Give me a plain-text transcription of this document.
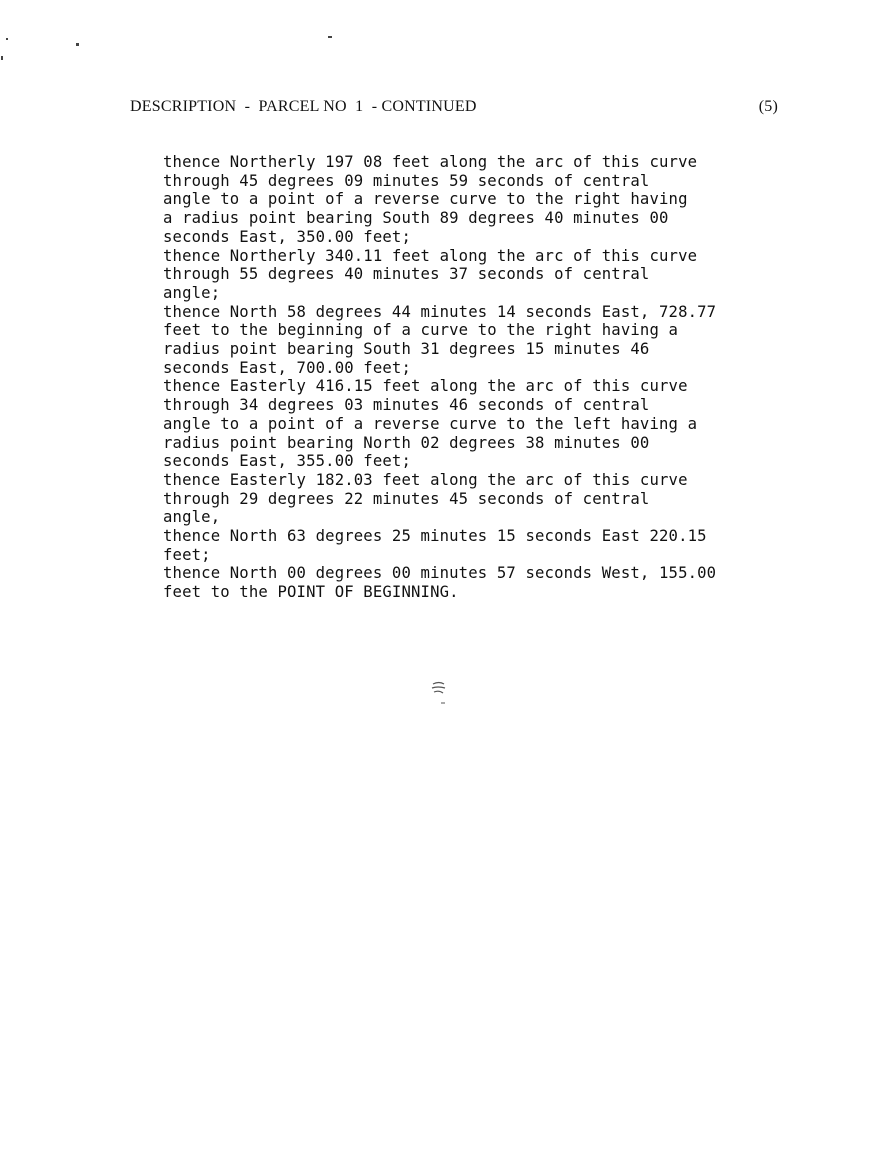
DESCRIPTION  -  PARCEL NO  1  - CONTINUED	(5)

thence Northerly 197 08 feet along the arc of this curve
through 45 degrees 09 minutes 59 seconds of central
angle to a point of a reverse curve to the right having
a radius point bearing South 89 degrees 40 minutes 00
seconds East, 350.00 feet;

thence Northerly 340.11 feet along the arc of this curve
through 55 degrees 40 minutes 37 seconds of central
angle;

thence North 58 degrees 44 minutes 14 seconds East, 728.77
feet to the beginning of a curve to the right having a
radius point bearing South 31 degrees 15 minutes 46
seconds East, 700.00 feet;

thence Easterly 416.15 feet along the arc of this curve
through 34 degrees 03 minutes 46 seconds of central
angle to a point of a reverse curve to the left having a
radius point bearing North 02 degrees 38 minutes 00
seconds East, 355.00 feet;

thence Easterly 182.03 feet along the arc of this curve
through 29 degrees 22 minutes 45 seconds of central
angle,

thence North 63 degrees 25 minutes 15 seconds East 220.15
feet;

thence North 00 degrees 00 minutes 57 seconds West, 155.00
feet to the POINT OF BEGINNING.
